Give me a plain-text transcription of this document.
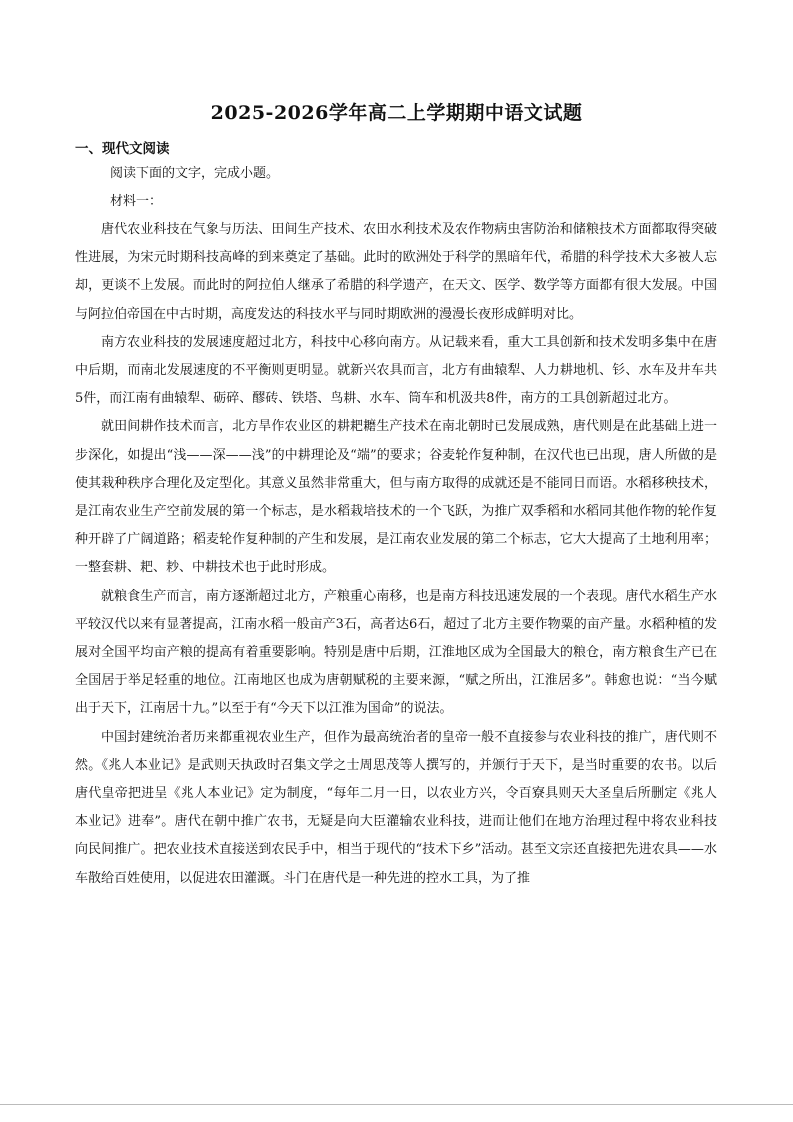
2025-2026学年高二上学期期中语文试题
一、现代文阅读
阅读下面的文字，完成小题。
材料一：

唐代农业科技在气象与历法、田间生产技术、农田水利技术及农作物病虫害防治和储粮技术方面都取得突破性进展，为宋元时期科技高峰的到来奠定了基础。此时的欧洲处于科学的黑暗年代，希腊的科学技术大多被人忘却，更谈不上发展。而此时的阿拉伯人继承了希腊的科学遗产，在天文、医学、数学等方面都有很大发展。中国与阿拉伯帝国在中古时期，高度发达的科技水平与同时期欧洲的漫漫长夜形成鲜明对比。

南方农业科技的发展速度超过北方，科技中心移向南方。从记载来看，重大工具创新和技术发明多集中在唐中后期，而南北发展速度的不平衡则更明显。就新兴农具而言，北方有曲辕犁、人力耕地机、钐、水车及井车共5件，而江南有曲辕犁、砺碎、醪砖、铁塔、鸟耕、水车、筒车和机汲共8件，南方的工具创新超过北方。

就田间耕作技术而言，北方旱作农业区的耕耙耱生产技术在南北朝时已发展成熟，唐代则是在此基础上进一步深化，如提出“浅——深——浅”的中耕理论及“端”的要求；谷麦轮作复种制，在汉代也已出现，唐人所做的是使其栽种秩序合理化及定型化。其意义虽然非常重大，但与南方取得的成就还是不能同日而语。水稻移秧技术，是江南农业生产空前发展的第一个标志，是水稻栽培技术的一个飞跃，为推广双季稻和水稻同其他作物的轮作复种开辟了广阔道路；稻麦轮作复种制的产生和发展，是江南农业发展的第二个标志，它大大提高了土地利用率；一整套耕、耙、耖、中耕技术也于此时形成。

就粮食生产而言，南方逐渐超过北方，产粮重心南移，也是南方科技迅速发展的一个表现。唐代水稻生产水平较汉代以来有显著提高，江南水稻一般亩产3石，高者达6石，超过了北方主要作物粟的亩产量。水稻种植的发展对全国平均亩产粮的提高有着重要影响。特别是唐中后期，江淮地区成为全国最大的粮仓，南方粮食生产已在全国居于举足轻重的地位。江南地区也成为唐朝赋税的主要来源，“赋之所出，江淮居多”。韩愈也说：“当今赋出于天下，江南居十九。”以至于有“今天下以江淮为国命”的说法。

中国封建统治者历来都重视农业生产，但作为最高统治者的皇帝一般不直接参与农业科技的推广，唐代则不然。《兆人本业记》是武则天执政时召集文学之士周思茂等人撰写的，并颁行于天下，是当时重要的农书。以后唐代皇帝把进呈《兆人本业记》定为制度，“每年二月一日，以农业方兴，令百寮具则天大圣皇后所删定《兆人本业记》进奉”。唐代在朝中推广农书，无疑是向大臣灌输农业科技，进而让他们在地方治理过程中将农业科技向民间推广。把农业技术直接送到农民手中，相当于现代的“技术下乡”活动。甚至文宗还直接把先进农具——水车散给百姓使用，以促进农田灌溉。斗门在唐代是一种先进的控水工具，为了推
